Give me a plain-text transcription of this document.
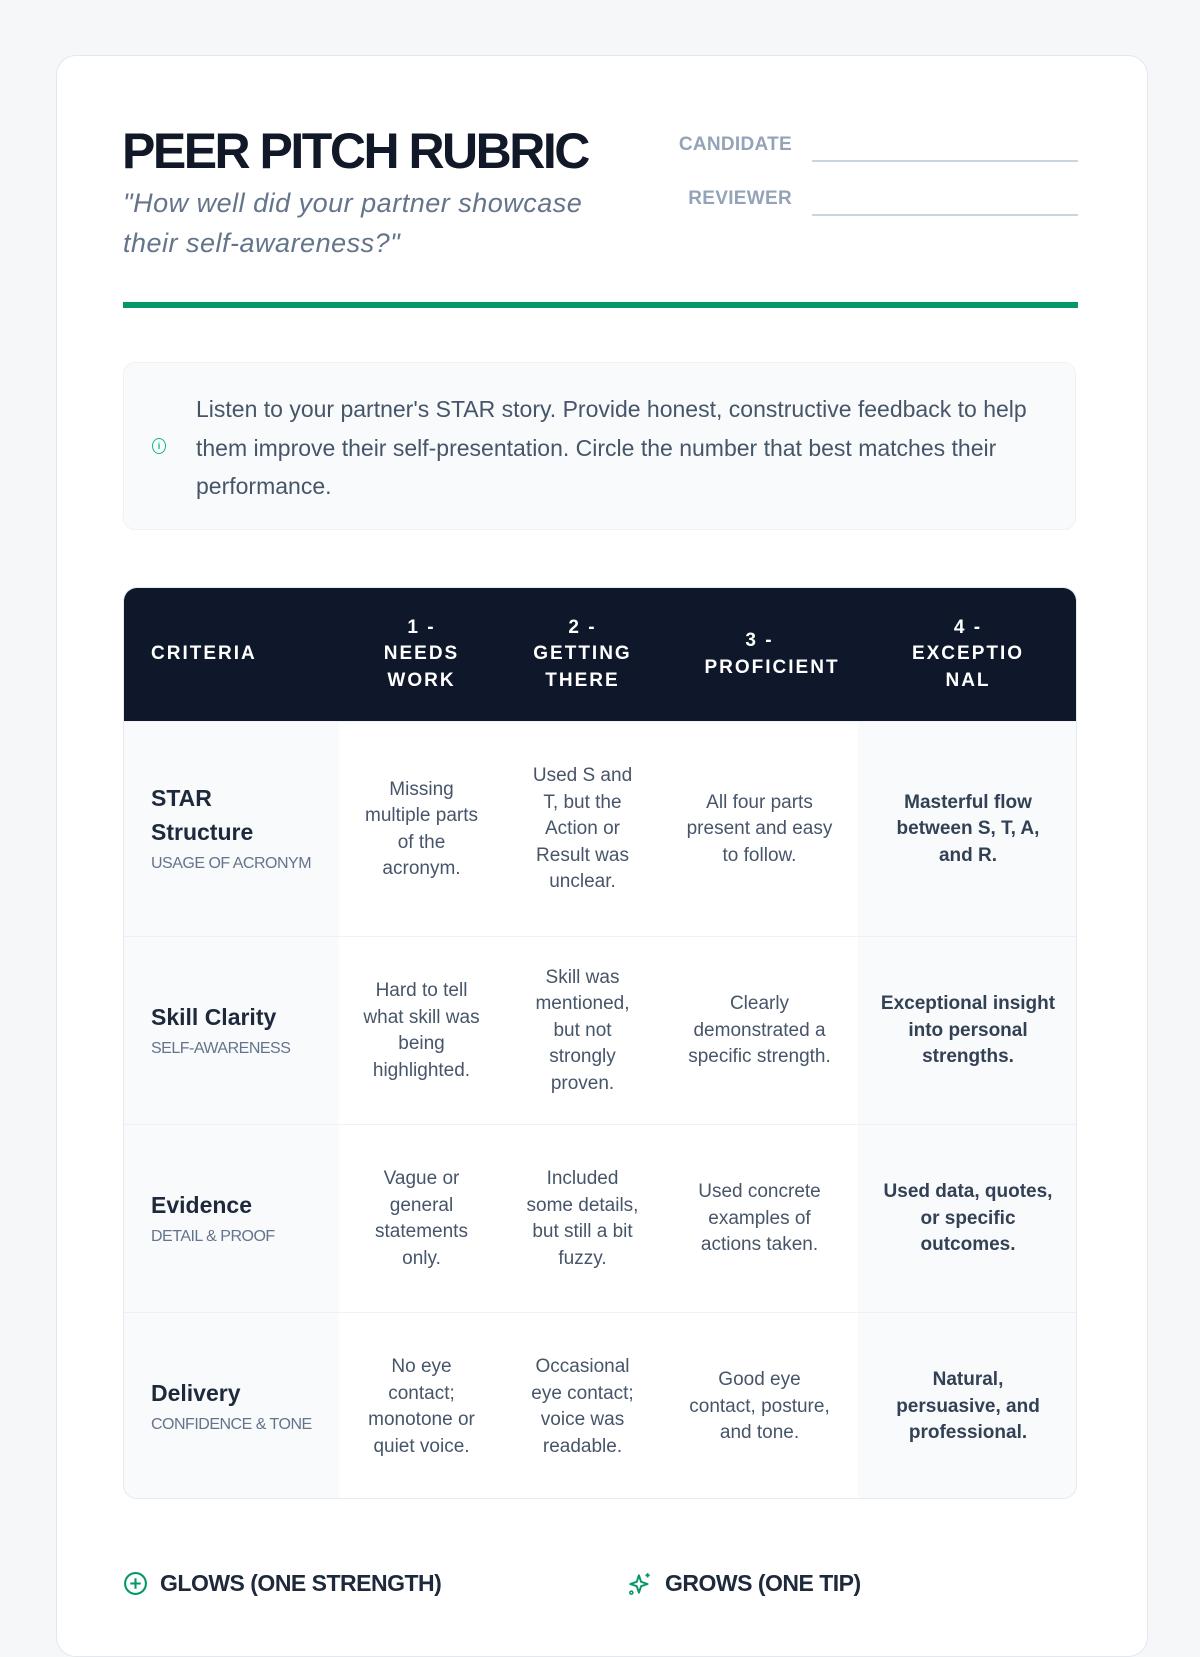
PEER PITCH RUBRIC
"How well did your partner showcase their self-awareness?"
CANDIDATE
REVIEWER
i
Listen to your partner's STAR story. Provide honest, constructive feedback to help them improve their self-presentation. Circle the number that best matches their performance.
CRITERIA
1 - NEEDS WORK
2 - GETTING THERE
3 - PROFICIENT
4 - EXCEPTIONAL
STAR Structure
USAGE OF ACRONYM
Missing multiple parts of the acronym.
Used S and T, but the Action or Result was unclear.
All four parts present and easy to follow.
Masterful flow between S, T, A, and R.
Skill Clarity
SELF-AWARENESS
Hard to tell what skill was being highlighted.
Skill was mentioned, but not strongly proven.
Clearly demonstrated a specific strength.
Exceptional insight into personal strengths.
Evidence
DETAIL & PROOF
Vague or general statements only.
Included some details, but still a bit fuzzy.
Used concrete examples of actions taken.
Used data, quotes, or specific outcomes.
Delivery
CONFIDENCE & TONE
No eye contact; monotone or quiet voice.
Occasional eye contact; voice was readable.
Good eye contact, posture, and tone.
Natural, persuasive, and professional.
GLOWS (ONE STRENGTH)	GROWS (ONE TIP)
